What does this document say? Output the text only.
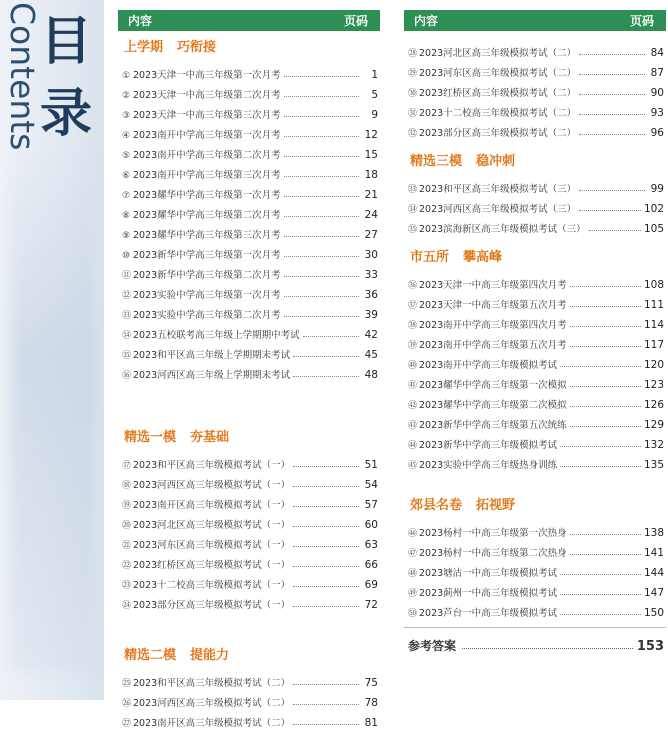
Contents
目
录
内容	页码
上学期 巧衔接
① 2023天津一中高三年级第一次月考	1
② 2023天津一中高三年级第二次月考	5
③ 2023天津一中高三年级第三次月考	9
④ 2023南开中学高三年级第一次月考	12
⑤ 2023南开中学高三年级第二次月考	15
⑥ 2023南开中学高三年级第三次月考	18
⑦ 2023耀华中学高三年级第一次月考	21
⑧ 2023耀华中学高三年级第二次月考	24
⑨ 2023耀华中学高三年级第三次月考	27
⑩ 2023新华中学高三年级第一次月考	30
⑪ 2023新华中学高三年级第二次月考	33
⑫ 2023实验中学高三年级第一次月考	36
⑬ 2023实验中学高三年级第二次月考	39
⑭ 2023五校联考高三年级上学期期中考试	42
⑮ 2023和平区高三年级上学期期末考试	45
⑯ 2023河西区高三年级上学期期末考试	48
精选一模 夯基础
⑰ 2023和平区高三年级模拟考试（一）	51
⑱ 2023河西区高三年级模拟考试（一）	54
⑲ 2023南开区高三年级模拟考试（一）	57
⑳ 2023河北区高三年级模拟考试（一）	60
㉑ 2023河东区高三年级模拟考试（一）	63
㉒ 2023红桥区高三年级模拟考试（一）	66
㉓ 2023十二校高三年级模拟考试（一）	69
㉔ 2023部分区高三年级模拟考试（一）	72
精选二模 提能力
㉕ 2023和平区高三年级模拟考试（二）	75
㉖ 2023河西区高三年级模拟考试（二）	78
㉗ 2023南开区高三年级模拟考试（二）	81
内容	页码
㉘ 2023河北区高三年级模拟考试（二）	84
㉙ 2023河东区高三年级模拟考试（二）	87
㉚ 2023红桥区高三年级模拟考试（二）	90
㉛ 2023十二校高三年级模拟考试（二）	93
㉜ 2023部分区高三年级模拟考试（二）	96
精选三模 稳冲刺
㉝ 2023和平区高三年级模拟考试（三）	99
㉞ 2023河西区高三年级模拟考试（三）	102
㉟ 2023滨海新区高三年级模拟考试（三）	105
市五所 攀高峰
㊱ 2023天津一中高三年级第四次月考	108
㊲ 2023天津一中高三年级第五次月考	111
㊳ 2023南开中学高三年级第四次月考	114
㊴ 2023南开中学高三年级第五次月考	117
㊵ 2023南开中学高三年级模拟考试	120
㊶ 2023耀华中学高三年级第一次模拟	123
㊷ 2023耀华中学高三年级第二次模拟	126
㊸ 2023新华中学高三年级第五次统练	129
㊹ 2023新华中学高三年级模拟考试	132
㊺ 2023实验中学高三年级热身训练	135
郊县名卷 拓视野
㊻ 2023杨村一中高三年级第一次热身	138
㊼ 2023杨村一中高三年级第二次热身	141
㊽ 2023塘沽一中高三年级模拟考试	144
㊾ 2023蓟州一中高三年级模拟考试	147
㊿ 2023芦台一中高三年级模拟考试	150
参考答案	153
